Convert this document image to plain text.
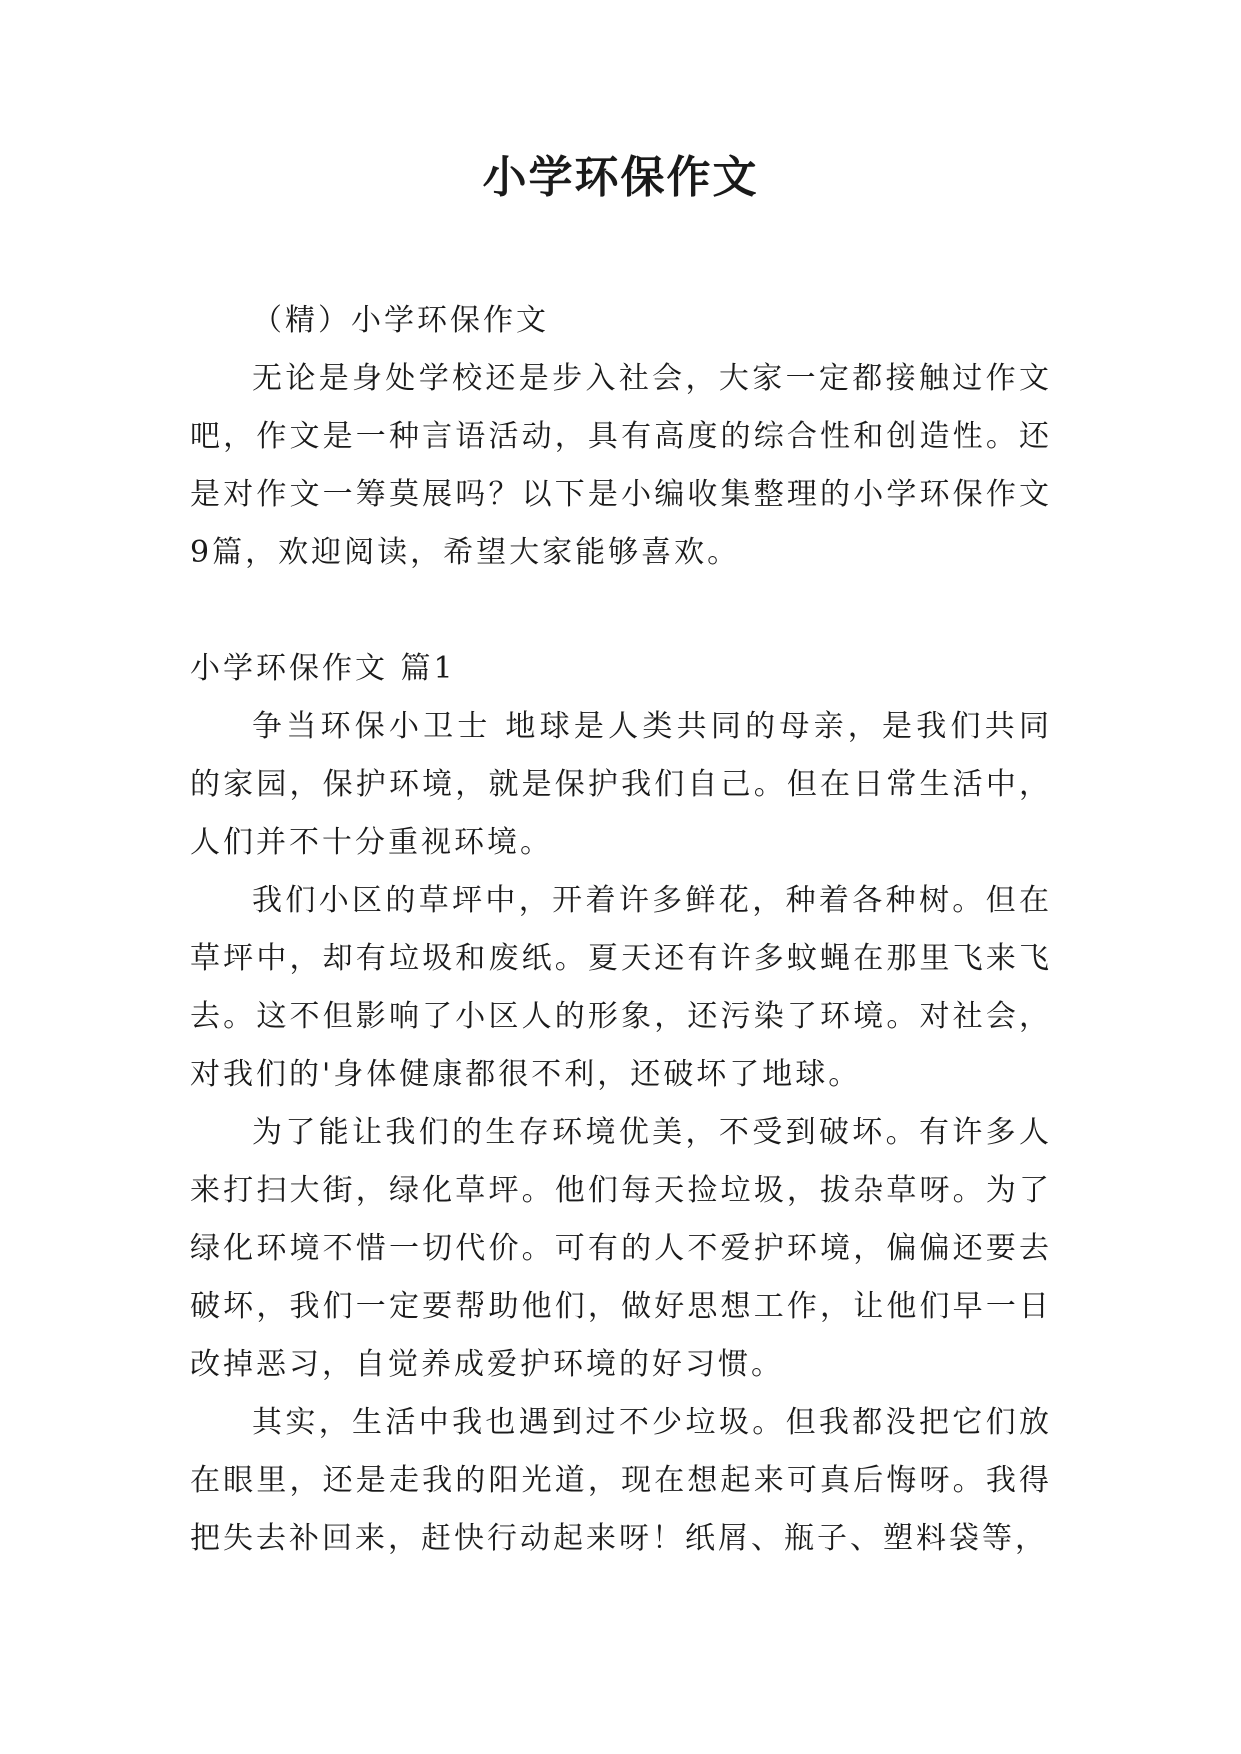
小学环保作文

（精）小学环保作文

无论是身处学校还是步入社会，大家一定都接触过作文吧，作文是一种言语活动，具有高度的综合性和创造性。还是对作文一筹莫展吗？以下是小编收集整理的小学环保作文9篇，欢迎阅读，希望大家能够喜欢。

小学环保作文 篇1

争当环保小卫士 地球是人类共同的母亲，是我们共同的家园，保护环境，就是保护我们自己。但在日常生活中，人们并不十分重视环境。

我们小区的草坪中，开着许多鲜花，种着各种树。但在草坪中，却有垃圾和废纸。夏天还有许多蚊蝇在那里飞来飞去。这不但影响了小区人的形象，还污染了环境。对社会，对我们的'身体健康都很不利，还破坏了地球。

为了能让我们的生存环境优美，不受到破坏。有许多人来打扫大街，绿化草坪。他们每天捡垃圾，拔杂草呀。为了绿化环境不惜一切代价。可有的人不爱护环境，偏偏还要去破坏，我们一定要帮助他们，做好思想工作，让他们早一日改掉恶习，自觉养成爱护环境的好习惯。

其实，生活中我也遇到过不少垃圾。但我都没把它们放在眼里，还是走我的阳光道，现在想起来可真后悔呀。我得把失去补回来，赶快行动起来呀！纸屑、瓶子、塑料袋等，
